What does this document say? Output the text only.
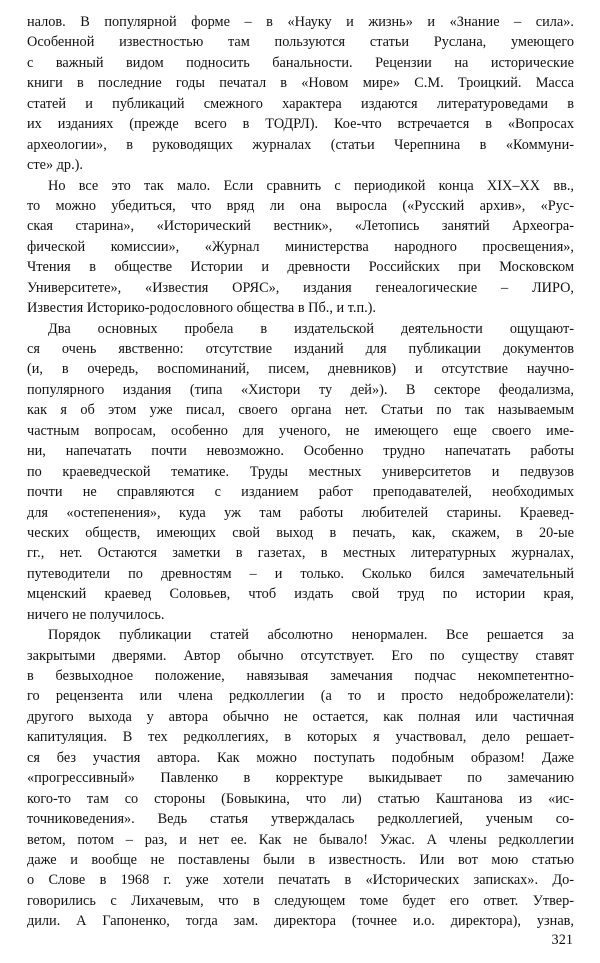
налов. В популярной форме – в «Науку и жизнь» и «Знание – сила».
Особенной известностью там пользуются статьи Руслана, умеющего
с важный видом подносить банальности. Рецензии на исторические
книги в последние годы печатал в «Новом мире» С.М. Троицкий. Масса
статей и публикаций смежного характера издаются литературоведами в
их изданиях (прежде всего в ТОДРЛ). Кое-что встречается в «Вопросах
археологии», в руководящих журналах (статьи Черепнина в «Коммуни-
сте» др.).
Но все это так мало. Если сравнить с периодикой конца XIX–XX вв.,
то можно убедиться, что вряд ли она выросла («Русский архив», «Рус-
ская старина», «Исторический вестник», «Летопись занятий Археогра-
фической комиссии», «Журнал министерства народного просвещения»,
Чтения в обществе Истории и древности Российских при Московском
Университете», «Известия ОРЯС», издания генеалогические – ЛИРО,
Известия Историко-родословного общества в Пб., и т.п.).
Два основных пробела в издательской деятельности ощущают-
ся очень явственно: отсутствие изданий для публикации документов
(и, в очередь, воспоминаний, писем, дневников) и отсутствие научно-
популярного издания (типа «Хистори ту дей»). В секторе феодализма,
как я об этом уже писал, своего органа нет. Статьи по так называемым
частным вопросам, особенно для ученого, не имеющего еще своего име-
ни, напечатать почти невозможно. Особенно трудно напечатать работы
по краеведческой тематике. Труды местных университетов и педвузов
почти не справляются с изданием работ преподавателей, необходимых
для «остепенения», куда уж там работы любителей старины. Краевед-
ческих обществ, имеющих свой выход в печать, как, скажем, в 20-ые
гг., нет. Остаются заметки в газетах, в местных литературных журналах,
путеводители по древностям – и только. Сколько бился замечательный
мценский краевед Соловьев, чтоб издать свой труд по истории края,
ничего не получилось.
Порядок публикации статей абсолютно ненормален. Все решается за
закрытыми дверями. Автор обычно отсутствует. Его по существу ставят
в безвыходное положение, навязывая замечания подчас некомпетентно-
го рецензента или члена редколлегии (а то и просто недоброжелатели):
другого выхода у автора обычно не остается, как полная или частичная
капитуляция. В тех редколлегиях, в которых я участвовал, дело решает-
ся без участия автора. Как можно поступать подобным образом! Даже
«прогрессивный» Павленко в корректуре выкидывает по замечанию
кого-то там со стороны (Бовыкина, что ли) статью Каштанова из «ис-
точниковедения». Ведь статья утверждалась редколлегией, ученым со-
ветом, потом – раз, и нет ее. Как не бывало! Ужас. А члены редколлегии
даже и вообще не поставлены были в известность. Или вот мою статью
о Слове в 1968 г. уже хотели печатать в «Исторических записках». До-
говорились с Лихачевым, что в следующем томе будет его ответ. Утвер-
дили. А Гапоненко, тогда зам. директора (точнее и.о. директора), узнав,
321
